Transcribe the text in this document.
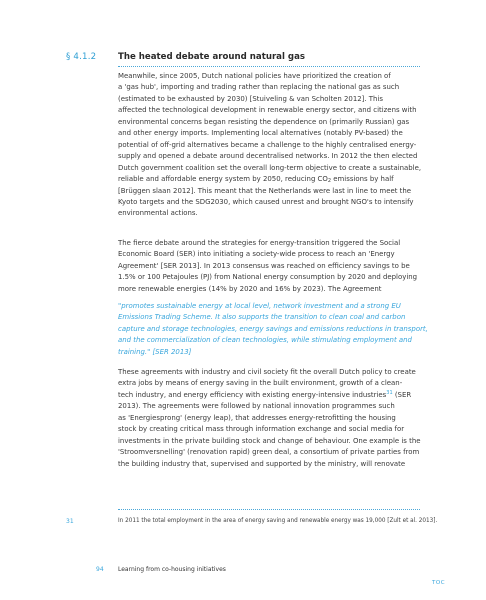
§ 4.1.2	The heated debate around natural gas

Meanwhile, since 2005, Dutch national policies have prioritized the creation of

a 'gas hub', importing and trading rather than replacing the national gas as such

(estimated to be exhausted by 2030) [Stuiveling & van Scholten 2012]. This

affected the technological development in renewable energy sector, and citizens with

environmental concerns began resisting the dependence on (primarily Russian) gas

and other energy imports. Implementing local alternatives (notably PV-based) the

potential of off-grid alternatives became a challenge to the highly centralised energy-

supply and opened a debate around decentralised networks. In 2012 the then elected

Dutch government coalition set the overall long-term objective to create a sustainable,

reliable and affordable energy system by 2050, reducing $CO_2$ emissions by half

[Brüggen slaan 2012]. This meant that the Netherlands were last in line to meet the

Kyoto targets and the SDG2030, which caused unrest and brought NGO's to intensify

environmental actions.

The fierce debate around the strategies for energy-transition triggered the Social

Economic Board (SER) into initiating a society-wide process to reach an 'Energy

Agreement' [SER 2013]. In 2013 consensus was reached on efficiency savings to be

1.5% or 100 Petajoules (PJ) from National energy consumption by 2020 and deploying

more renewable energies (14% by 2020 and 16% by 2023). The Agreement

"promotes sustainable energy at local level, network investment and a strong EU

Emissions Trading Scheme. It also supports the transition to clean coal and carbon

capture and storage technologies, energy savings and emissions reductions in transport,

and the commercialization of clean technologies, while stimulating employment and

training." [SER 2013]

These agreements with industry and civil society fit the overall Dutch policy to create

extra jobs by means of energy saving in the built environment, growth of a clean-

tech industry, and energy efficiency with existing energy-intensive industries$^{31}$ (SER

2013). The agreements were followed by national innovation programmes such

as 'Energiesprong' (energy leap), that addresses energy-retrofitting the housing

stock by creating critical mass through information exchange and social media for

investments in the private building stock and change of behaviour. One example is the

'Stroomversnelling' (renovation rapid) green deal, a consortium of private parties from

the building industry that, supervised and supported by the ministry, will renovate

31	In 2011 the total employment in the area of energy saving and renewable energy was 19,000 [Zult et al. 2013].
94 Learning from co-housing initiatives
TOC
